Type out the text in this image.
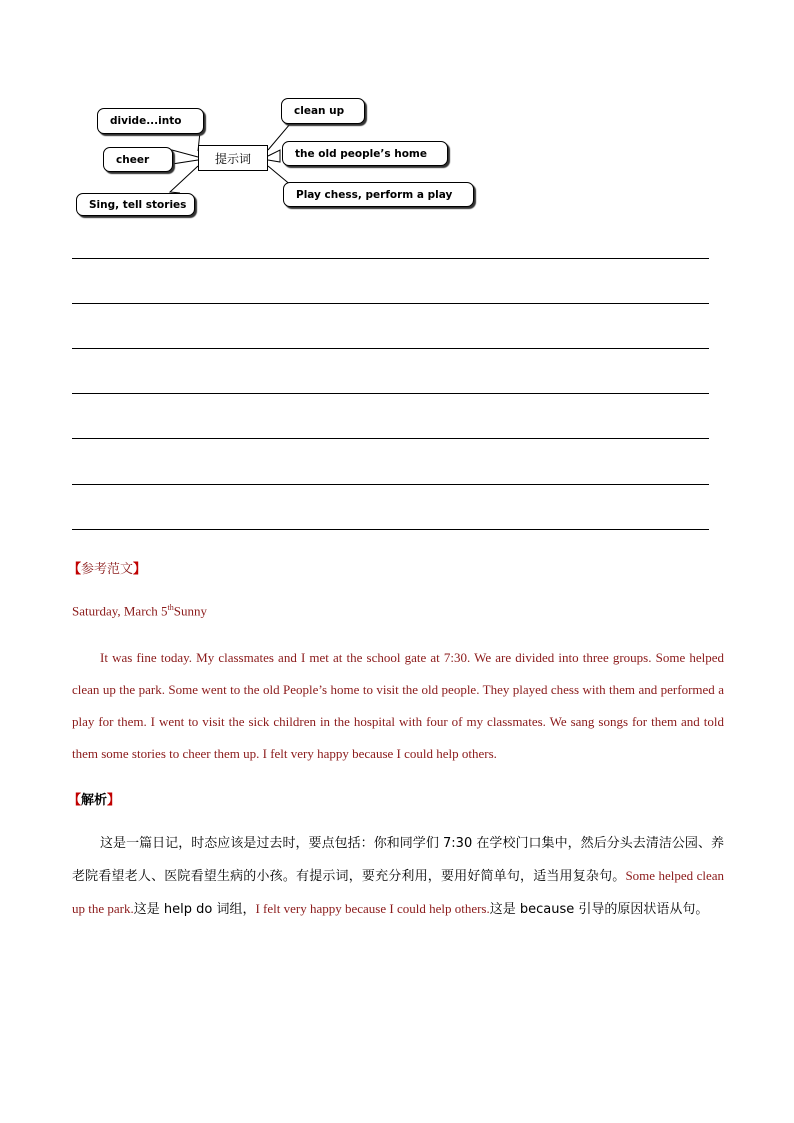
divide...into
cheer
Sing, tell stories
提示词
clean up
the old people’s home
Play chess, perform a play
【参考范文】
Saturday, March 5thSunny

It was fine today. My classmates and I met at the school gate at 7:30. We are divided into three groups. Some helped clean up the park. Some went to the old People’s home to visit the old people. They played chess with them and performed a play for them. I went to visit the sick children in the hospital with four of my classmates. We sang songs for them and told them some stories to cheer them up. I felt very happy because I could help others.

【解析】

这是一篇日记，时态应该是过去时，要点包括：你和同学们 7:30 在学校门口集中，然后分头去清洁公园、养老院看望老人、医院看望生病的小孩。有提示词，要充分利用，要用好简单句，适当用复杂句。Some helped clean up the park.这是 help do 词组，I felt very happy because I could help others.这是 because 引导的原因状语从句。
